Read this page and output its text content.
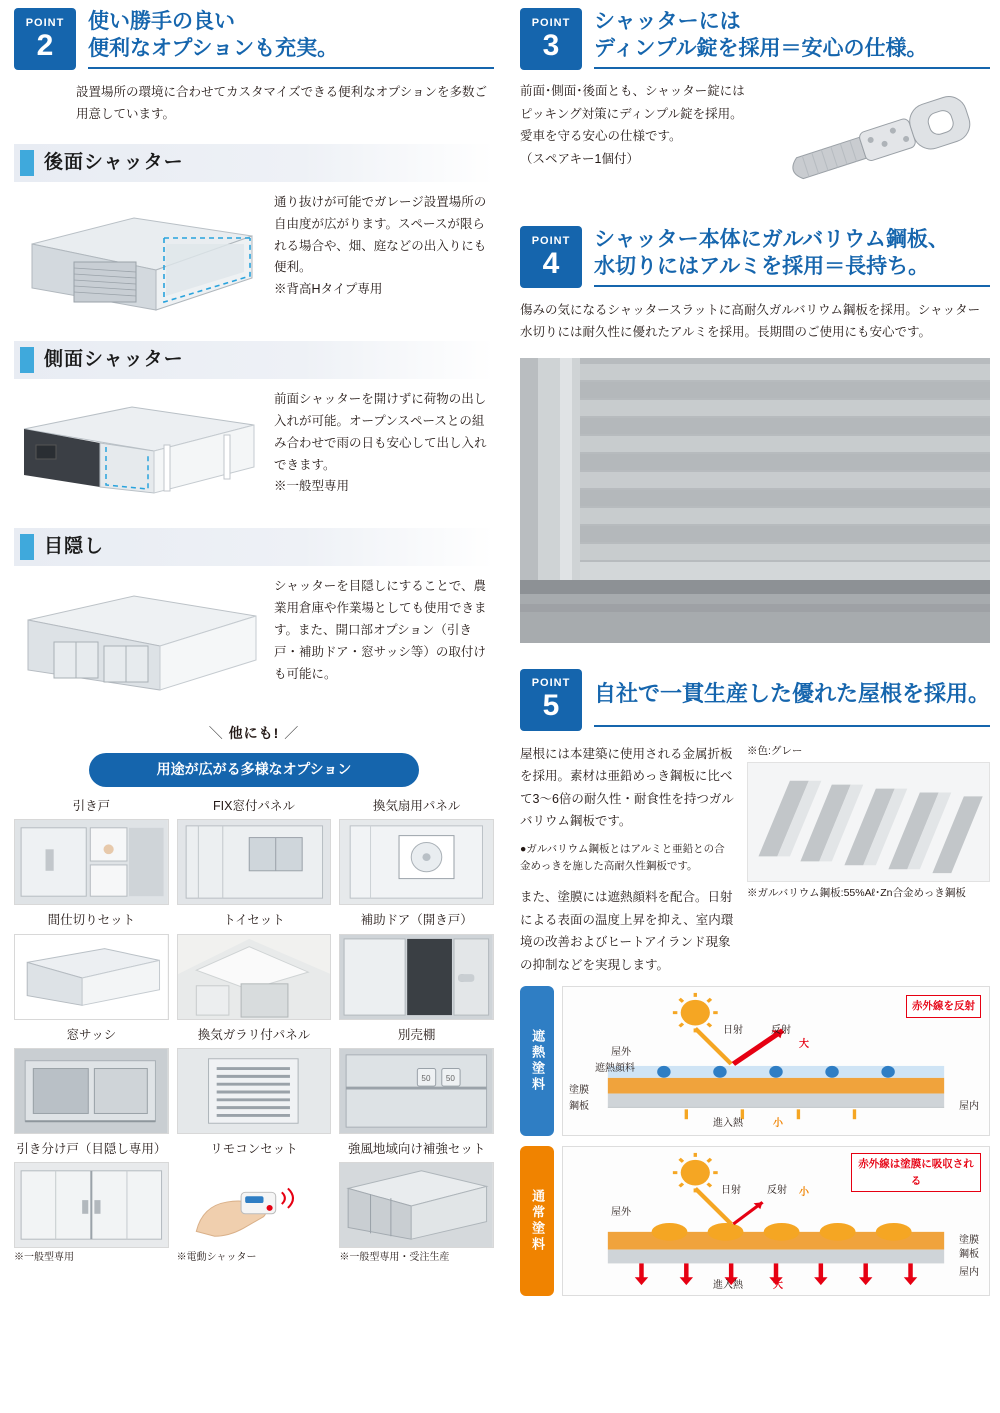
POINT
2
使い勝手の良い
便利なオプションも充実。
設置場所の環境に合わせてカスタマイズできる便利なオプションを多数ご用意しています。
後面シャッター
通り抜けが可能でガレージ設置場所の自由度が広がります。スペースが限られる場合や、畑、庭などの出入りにも便利。
※背高Hタイプ専用
側面シャッター
前面シャッターを開けずに荷物の出し入れが可能。オープンスペースとの組み合わせで雨の日も安心して出し入れできます。
※一般型専用
目隠し
シャッターを目隠しにすることで、農業用倉庫や作業場としても使用できます。また、開口部オプション（引き戸・補助ドア・窓サッシ等）の取付けも可能に。
＼ 他にも! ／
用途が広がる多様なオプション
引き戸	FIX窓付パネル	換気扇用パネル
間仕切りセット	トイセット	補助ドア（開き戸）
窓サッシ	換気ガラリ付パネル	別売棚
50 50
引き分け戸（目隠し専用）
※一般型専用
リモコンセット
※電動シャッター
強風地域向け補強セット
※一般型専用・受注生産
POINT
3
シャッターには
ディンプル錠を採用＝安心の仕様。
前面･側面･後面とも、シャッター錠には
ピッキング対策にディンプル錠を採用。
愛車を守る安心の仕様です。
（スペアキー1個付）
POINT
4
シャッター本体にガルバリウム鋼板、
水切りにはアルミを採用＝長持ち。
傷みの気になるシャッタースラットに高耐久ガルバリウム鋼板を採用。シャッター水切りには耐久性に優れたアルミを採用。長期間のご使用にも安心です。
POINT
5 自社で一貫生産した優れた屋根を採用。
屋根には本建築に使用される金属折板を採用。素材は亜鉛めっき鋼板に比べて3～6倍の耐久性・耐食性を持つガルバリウム鋼板です。
●ガルバリウム鋼板とはアルミと亜鉛との合金めっきを施した高耐久性鋼板です。
また、塗膜には遮熱顔料を配合。日射による表面の温度上昇を抑え、室内環境の改善およびヒートアイランド現象の抑制などを実現します。
※色:グレー
※ガルバリウム鋼板:55%Aℓ･Zn合金めっき鋼板
遮熱塗料
赤外線を反射
屋外
日射	反射
大
遮熱顔料
塗膜
鋼板	屋内
進入熱	小
通常塗料
赤外線は塗膜に吸収される
屋外
日射	反射 小
塗膜
鋼板
屋内
進入熱	大
